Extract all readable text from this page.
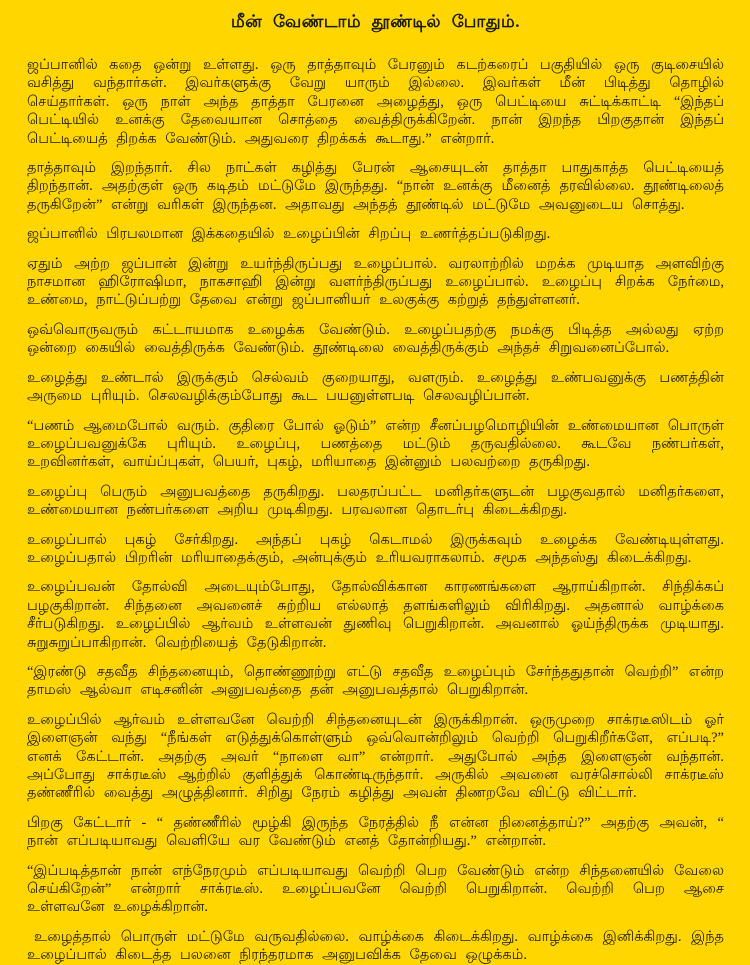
மீன் வேண்டாம் தூண்டில் போதும்.

ஜப்பானில் கதை ஒன்று உள்ளது. ஒரு தாத்தாவும் பேரனும் கடற்கரைப் பகுதியில் ஒரு குடிசையில் வசித்து வந்தார்கள். இவர்களுக்கு வேறு யாரும் இல்லை. இவர்கள் மீன் பிடித்து தொழில் செய்தார்கள். ஒரு நாள் அந்த தாத்தா பேரனை அழைத்து, ஒரு பெட்டியை சுட்டிக்காட்டி “இந்தப் பெட்டியில் உனக்கு தேவையான சொத்தை வைத்திருக்கிறேன். நான் இறந்த பிறகுதான் இந்தப் பெட்டியைத் திறக்க வேண்டும். அதுவரை திறக்கக் கூடாது.” என்றார்.

தாத்தாவும் இறந்தார். சில நாட்கள் கழித்து பேரன் ஆசையுடன் தாத்தா பாதுகாத்த பெட்டியைத் திறந்தான். அதற்குள் ஒரு கடிதம் மட்டுமே இருந்தது. “நான் உனக்கு மீனைத் தரவில்லை. தூண்டிலைத் தருகிறேன்” என்று வரிகள் இருந்தன. அதாவது அந்தத் தூண்டில் மட்டுமே அவனுடைய சொத்து.

ஜப்பானில் பிரபலமான இக்கதையில் உழைப்பின் சிறப்பு உணர்த்தப்படுகிறது.

ஏதும் அற்ற ஜப்பான் இன்று உயர்ந்திருப்பது உழைப்பால். வரலாற்றில் மறக்க முடியாத அளவிற்கு நாசமான ஹிரோஷிமா, நாகசாஹி இன்று வளர்ந்திருப்பது உழைப்பால். உழைப்பு சிறக்க நேர்மை, உண்மை, நாட்டுப்பற்று தேவை என்று ஜப்பானியர் உலகுக்கு கற்றுத் தந்துள்ளனர்.

ஒவ்வொருவரும் கட்டாயமாக உழைக்க வேண்டும். உழைப்பதற்கு நமக்கு பிடித்த அல்லது ஏற்ற ஒன்றை கையில் வைத்திருக்க வேண்டும். தூண்டிலை வைத்திருக்கும் அந்தச் சிறுவனைப்போல்.

உழைத்து உண்டால் இருக்கும் செல்வம் குறையாது, வளரும். உழைத்து உண்பவனுக்கு பணத்தின் அருமை புரியும். செலவழிக்கும்போது கூட பயனுள்ளபடி செலவழிப்பான்.

“பணம் ஆமைபோல் வரும். குதிரை போல் ஓடும்” என்ற சீனப்பழமொழியின் உண்மையான பொருள் உழைப்பவனுக்கே புரியும். உழைப்பு, பணத்தை மட்டும் தருவதில்லை. கூடவே நண்பர்கள், உறவினர்கள், வாய்ப்புகள், பெயர், புகழ், மரியாதை இன்னும் பலவற்றை தருகிறது.

உழைப்பு பெரும் அனுபவத்தை தருகிறது. பலதரப்பட்ட மனிதர்களுடன் பழகுவதால் மனிதர்களை, உண்மையான நண்பர்களை அறிய முடிகிறது. பரவலான தொடர்பு கிடைக்கிறது.

உழைப்பால் புகழ் சேர்கிறது. அந்தப் புகழ் கெடாமல் இருக்கவும் உழைக்க வேண்டியுள்ளது. உழைப்பதால் பிறரின் மரியாதைக்கும், அன்புக்கும் உரியவராகலாம். சமூக அந்தஸ்து கிடைக்கிறது.

உழைப்பவன் தோல்வி அடையும்போது, தோல்விக்கான காரணங்களை ஆராய்கிறான். சிந்திக்கப் பழகுகிறான். சிந்தனை அவனைச் சுற்றிய எல்லாத் தளங்களிலும் விரிகிறது. அதனால் வாழ்க்கை சீர்படுகிறது. உழைப்பில் ஆர்வம் உள்ளவன் துணிவு பெறுகிறான். அவனால் ஓய்ந்திருக்க முடியாது. சுறுசுறுப்பாகிறான். வெற்றியைத் தேடுகிறான்.

“இரண்டு சதவீத சிந்தனையும், தொண்ணூற்று எட்டு சதவீத உழைப்பும் சேர்ந்ததுதான் வெற்றி” என்ற தாமஸ் ஆல்வா எடிசனின் அனுபவத்தை தன் அனுபவத்தால் பெறுகிறான்.

உழைப்பில் ஆர்வம் உள்ளவனே வெற்றி சிந்தனையுடன் இருக்கிறான். ஒருமுறை சாக்ரடீஸிடம் ஓர் இளைஞன் வந்து “நீங்கள் எடுத்துக்கொள்ளும் ஒவ்வொன்றிலும் வெற்றி பெறுகிறீர்களே, எப்படி?” எனக் கேட்டான். அதற்கு அவர் “நாளை வா” என்றார். அதுபோல் அந்த இளைஞன் வந்தான். அப்போது சாக்ரடீஸ் ஆற்றில் குளித்துக் கொண்டிருந்தார். அருகில் அவனை வரச்சொல்லி சாக்ரடீஸ் தண்ணீரில் வைத்து அழுத்தினார். சிறிது நேரம் கழித்து அவன் திணறவே விட்டு விட்டார்.

பிறகு கேட்டார் - “ தண்ணீரில் மூழ்கி இருந்த நேரத்தில் நீ என்ன நினைத்தாய்?” அதற்கு அவன், “ நான் எப்படியாவது வெளியே வர வேண்டும் எனத் தோன்றியது.” என்றான்.

“இப்படித்தான் நான் எந்நேரமும் எப்படியாவது வெற்றி பெற வேண்டும் என்ற சிந்தனையில் வேலை செய்கிறேன்” என்றார் சாக்ரடீஸ். உழைப்பவனே வெற்றி பெறுகிறான். வெற்றி பெற ஆசை உள்ளவனே உழைக்கிறான்.

உழைத்தால் பொருள் மட்டுமே வருவதில்லை. வாழ்க்கை கிடைக்கிறது. வாழ்க்கை இனிக்கிறது. இந்த உழைப்பால் கிடைத்த பலனை நிரந்தரமாக அனுபவிக்க தேவை ஒழுக்கம்.
